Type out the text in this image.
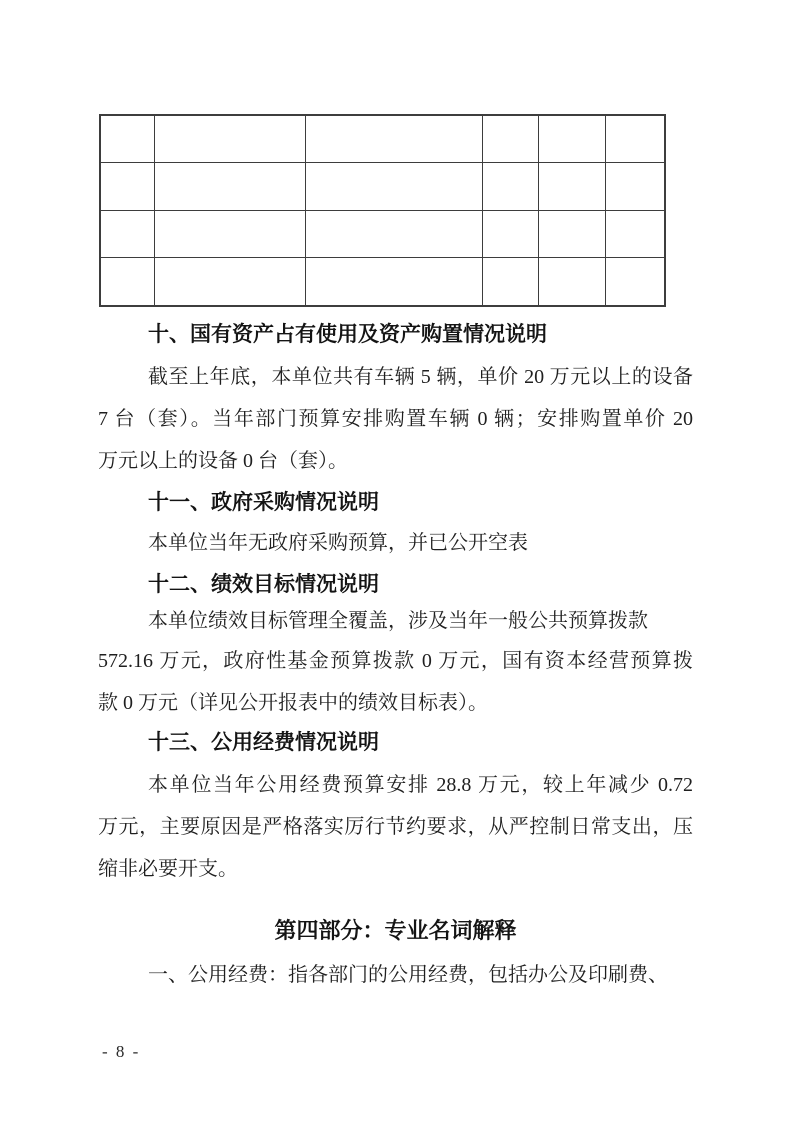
十、国有资产占有使用及资产购置情况说明
截至上年底，本单位共有车辆 5 辆，单价 20 万元以上的设备
7 台（套）。当年部门预算安排购置车辆 0 辆；安排购置单价 20
万元以上的设备 0 台（套）。
十一、政府采购情况说明
本单位当年无政府采购预算，并已公开空表
十二、绩效目标情况说明
本单位绩效目标管理全覆盖，涉及当年一般公共预算拨款
572.16 万元，政府性基金预算拨款 0 万元，国有资本经营预算拨
款 0 万元（详见公开报表中的绩效目标表）。
十三、公用经费情况说明
本单位当年公用经费预算安排 28.8 万元，较上年减少 0.72
万元，主要原因是严格落实厉行节约要求，从严控制日常支出，压
缩非必要开支。
第四部分：专业名词解释
一、公用经费：指各部门的公用经费，包括办公及印刷费、
- 8 -
